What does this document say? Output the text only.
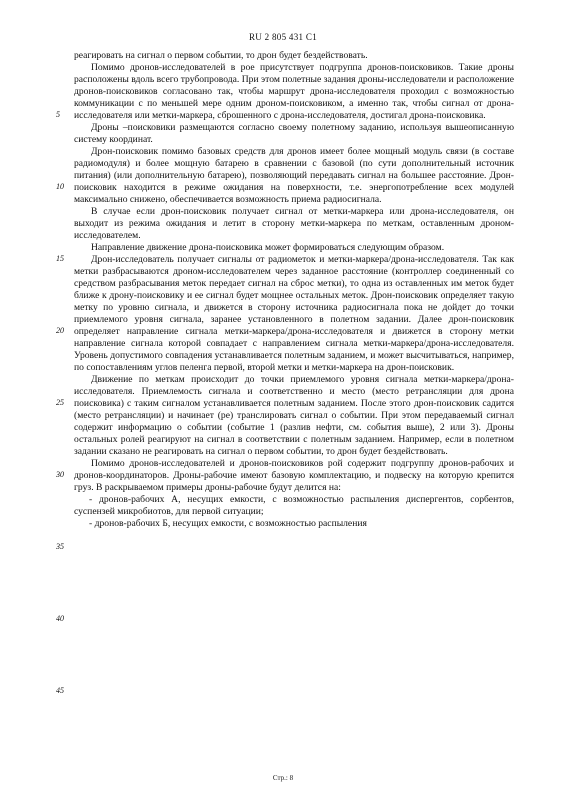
RU 2 805 431 C1
5
10
15
20
25
30
35
40
45

реагировать на сигнал о первом событии, то дрон будет бездействовать.

Помимо дронов-исследователей в рое присутствует подгруппа дронов-поисковиков. Такие дроны расположены вдоль всего трубопровода. При этом полетные задания дроны-исследователи и расположение дронов-поисковиков согласовано так, чтобы маршрут дрона-исследователя проходил с возможностью коммуникации с по меньшей мере одним дроном-поисковиком, а именно так, чтобы сигнал от дрона-исследователя или метки-маркера, сброшенного с дрона-исследователя, достигал дрона-поисковика.

Дроны –поисковики размещаются согласно своему полетному заданию, используя вышеописанную систему координат.

Дрон-поисковик помимо базовых средств для дронов имеет более мощный модуль связи (в составе радиомодуля) и более мощную батарею в сравнении с базовой (по сути дополнительный источник питания) (или дополнительную батарею), позволяющий передавать сигнал на большее расстояние. Дрон-поисковик находится в режиме ожидания на поверхности, т.е. энергопотребление всех модулей максимально снижено, обеспечивается возможность приема радиосигнала.

В случае если дрон-поисковик получает сигнал от метки-маркера или дрона-исследователя, он выходит из режима ожидания и летит в сторону метки-маркера по меткам, оставленным дроном-исследователем.

Направление движение дрона-поисковика может формироваться следующим образом.

Дрон-исследователь получает сигналы от радиометок и метки-маркера/дрона-исследователя. Так как метки разбрасываются дроном-исследователем через заданное расстояние (контроллер соединенный со средством разбрасывания меток передает сигнал на сброс метки), то одна из оставленных им меток будет ближе к дрону-поисковику и ее сигнал будет мощнее остальных меток. Дрон-поисковик определяет такую метку по уровню сигнала, и движется в сторону источника радиосигнала пока не дойдет до точки приемлемого уровня сигнала, заранее установленного в полетном задании. Далее дрон-поисковик определяет направление сигнала метки-маркера/дрона-исследователя и движется в сторону метки направление сигнала которой совпадает с направлением сигнала метки-маркера/дрона-исследователя. Уровень допустимого совпадения устанавливается полетным заданием, и может высчитываться, например, по сопоставлениям углов пеленга первой, второй метки и метки-маркера на дрон-поисковик.

Движение по меткам происходит до точки приемлемого уровня сигнала метки-маркера/дрона-исследователя. Приемлемость сигнала и соответственно и место (место ретрансляции для дрона поисковика) с таким сигналом устанавливается полетным заданием. После этого дрон-поисковик садится (место ретрансляции) и начинает (ре) транслировать сигнал о событии. При этом передаваемый сигнал содержит информацию о событии (событие 1 (разлив нефти, см. события выше), 2 или 3). Дроны остальных ролей реагируют на сигнал в соответствии с полетным заданием. Например, если в полетном задании сказано не реагировать на сигнал о первом событии, то дрон будет бездействовать.

Помимо дронов-исследователей и дронов-поисковиков рой содержит подгруппу дронов-рабочих и дронов-координаторов. Дроны-рабочие имеют базовую комплектацию, и подвеску на которую крепится груз. В раскрываемом примеры дроны-рабочие будут делится на:

- дронов-рабочих А, несущих емкости, с возможностью распыления диспергентов, сорбентов, суспензей микробиотов, для первой ситуации;

- дронов-рабочих Б, несущих емкости, с возможностью распыления

Стр.: 8
